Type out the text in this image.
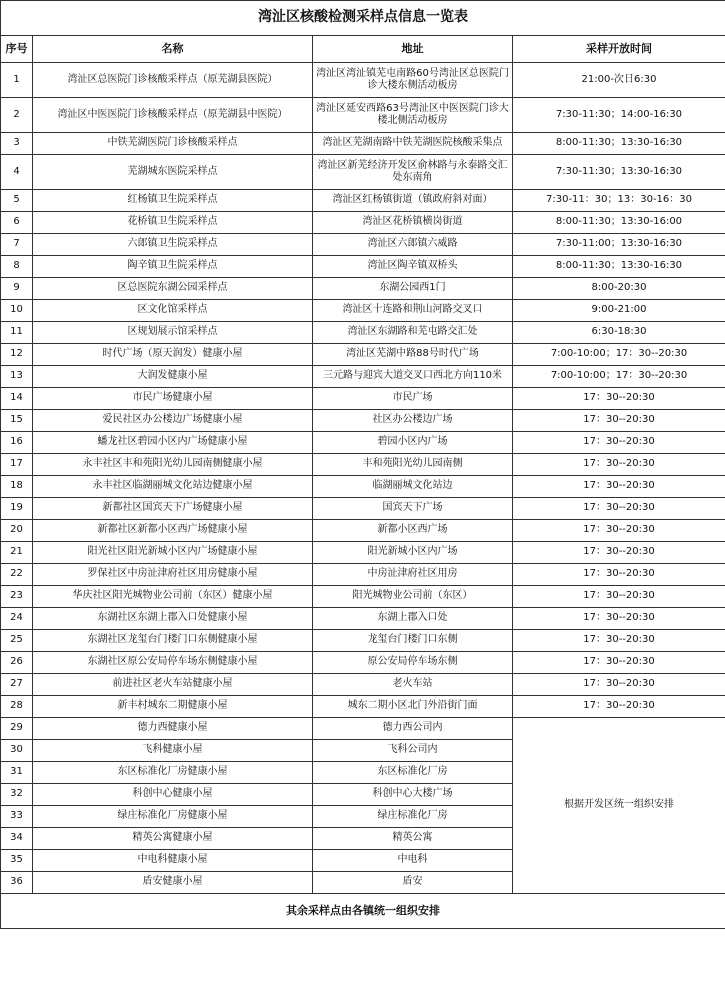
湾沚区核酸检测采样点信息一览表			
序号	名称	地址	采样开放时间
1	湾沚区总医院门诊核酸采样点（原芜湖县医院）	湾沚区湾沚镇芜屯南路60号湾沚区总医院门诊大楼东侧活动板房	21:00-次日6:30
2	湾沚区中医医院门诊核酸采样点（原芜湖县中医院）	湾沚区延安西路63号湾沚区中医医院门诊大楼北侧活动板房	7:30-11:30；14:00-16:30
3	中铁芜湖医院门诊核酸采样点	湾沚区芜湖南路中铁芜湖医院核酸采集点	8:00-11:30；13:30-16:30
4	芜湖城东医院采样点	湾沚区新芜经济开发区俞林路与永泰路交汇处东南角	7:30-11:30；13:30-16:30
5	红杨镇卫生院采样点	湾沚区红杨镇街道（镇政府斜对面）	7:30-11：30；13：30-16：30
6	花桥镇卫生院采样点	湾沚区花桥镇横岗街道	8:00-11:30；13:30-16:00
7	六郎镇卫生院采样点	湾沚区六郎镇六威路	7:30-11:00；13:30-16:30
8	陶辛镇卫生院采样点	湾沚区陶辛镇双桥头	8:00-11:30；13:30-16:30
9	区总医院东湖公园采样点	东湖公园西1门	8:00-20:30
10	区文化馆采样点	湾沚区十连路和荆山河路交叉口	9:00-21:00
11	区规划展示馆采样点	湾沚区东湖路和芜屯路交汇处	6:30-18:30
12	时代广场（原天润发）健康小屋	湾沚区芜湖中路88号时代广场	7:00-10:00；17：30--20:30
13	大润发健康小屋	三元路与迎宾大道交叉口西北方向110米	7:00-10:00；17：30--20:30
14	市民广场健康小屋	市民广场	17：30--20:30
15	爱民社区办公楼边广场健康小屋	社区办公楼边广场	17：30--20:30
16	蟠龙社区碧园小区内广场健康小屋	碧园小区内广场	17：30--20:30
17	永丰社区丰和苑阳光幼儿园南侧健康小屋	丰和苑阳光幼儿园南侧	17：30--20:30
18	永丰社区临湖丽城文化站边健康小屋	临湖丽城文化站边	17：30--20:30
19	新都社区国宾天下广场健康小屋	国宾天下广场	17：30--20:30
20	新都社区新都小区西广场健康小屋	新都小区西广场	17：30--20:30
21	阳光社区阳光新城小区内广场健康小屋	阳光新城小区内广场	17：30--20:30
22	罗保社区中房沚津府社区用房健康小屋	中房沚津府社区用房	17：30--20:30
23	华庆社区阳光城物业公司前（东区）健康小屋	阳光城物业公司前（东区）	17：30--20:30
24	东湖社区东湖上郡入口处健康小屋	东湖上郡入口处	17：30--20:30
25	东湖社区龙玺台门楼门口东侧健康小屋	龙玺台门楼门口东侧	17：30--20:30
26	东湖社区原公安局停车场东侧健康小屋	原公安局停车场东侧	17：30--20:30
27	前进社区老火车站健康小屋	老火车站	17：30--20:30
28	新丰村城东二期健康小屋	城东二期小区北门外沿街门面	17：30--20:30
29	德力西健康小屋	德力西公司内	根据开发区统一组织安排
30	飞科健康小屋	飞科公司内	
31	东区标准化厂房健康小屋	东区标准化厂房	
32	科创中心健康小屋	科创中心大楼广场	
33	绿庄标准化厂房健康小屋	绿庄标准化厂房	
34	精英公寓健康小屋	精英公寓	
35	中电科健康小屋	中电科	
36	盾安健康小屋	盾安	
其余采样点由各镇统一组织安排			
